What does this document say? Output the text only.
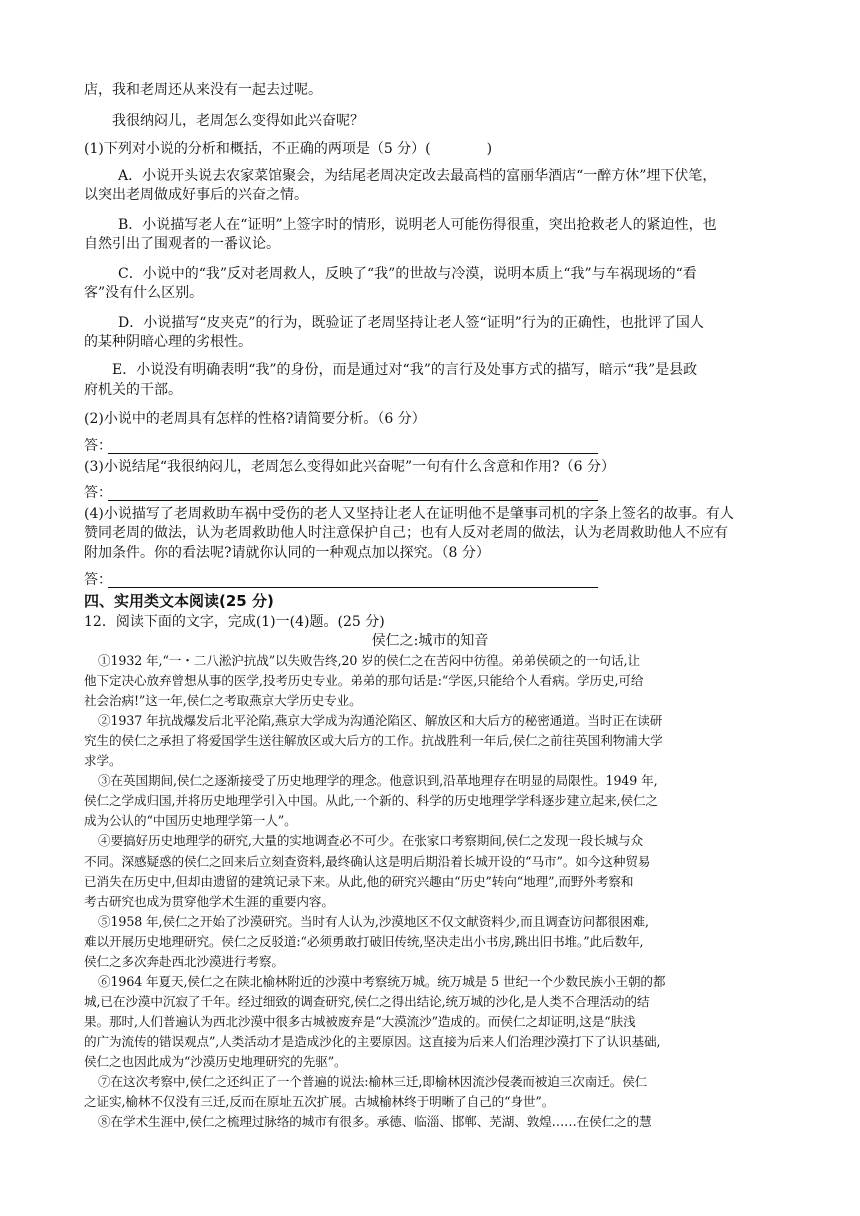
店，我和老周还从来没有一起去过呢。
我很纳闷儿，老周怎么变得如此兴奋呢？
(1)下列对小说的分析和概括，不正确的两项是（5 分）(　　　　)
A．小说开头说去农家菜馆聚会，为结尾老周决定改去最高档的富丽华酒店“一醉方休”埋下伏笔，
以突出老周做成好事后的兴奋之情。
B．小说描写老人在“证明”上签字时的情形，说明老人可能伤得很重，突出抢救老人的紧迫性，也
自然引出了围观者的一番议论。
C．小说中的“我”反对老周救人，反映了“我”的世故与冷漠，说明本质上“我”与车祸现场的“看
客”没有什么区别。
D．小说描写“皮夹克”的行为，既验证了老周坚持让老人签“证明”行为的正确性，也批评了国人
的某种阴暗心理的劣根性。
E．小说没有明确表明“我”的身份，而是通过对“我”的言行及处事方式的描写，暗示“我”是县政
府机关的干部。
(2)小说中的老周具有怎样的性格?请简要分析。（6 分）
答：
(3)小说结尾“我很纳闷儿，老周怎么变得如此兴奋呢”一句有什么含意和作用?（6 分）
答：
(4)小说描写了老周救助车祸中受伤的老人又坚持让老人在证明他不是肇事司机的字条上签名的故事。有人
赞同老周的做法，认为老周救助他人时注意保护自己；也有人反对老周的做法，认为老周救助他人不应有
附加条件。你的看法呢?请就你认同的一种观点加以探究。（8 分）
答：
四、实用类文本阅读(25 分)
12．阅读下面的文字，完成(1)一(4)题。(25 分)
侯仁之:城市的知音
①1932 年,“一・二八淞沪抗战”以失败告终,20 岁的侯仁之在苦闷中彷徨。弟弟侯硕之的一句话,让
他下定决心放弃曾想从事的医学,投考历史专业。弟弟的那句话是:“学医,只能给个人看病。学历史,可给
社会治病!”这一年,侯仁之考取燕京大学历史专业。
②1937 年抗战爆发后北平沦陷,燕京大学成为沟通沦陷区、解放区和大后方的秘密通道。当时正在读研
究生的侯仁之承担了将爱国学生送往解放区或大后方的工作。抗战胜利一年后,侯仁之前往英国利物浦大学
求学。
③在英国期间,侯仁之逐渐接受了历史地理学的理念。他意识到,沿革地理存在明显的局限性。1949 年,
侯仁之学成归国,并将历史地理学引入中国。从此,一个新的、科学的历史地理学学科逐步建立起来,侯仁之
成为公认的“中国历史地理学第一人”。
④要搞好历史地理学的研究,大量的实地调查必不可少。在张家口考察期间,侯仁之发现一段长城与众
不同。深感疑惑的侯仁之回来后立刻查资料,最终确认这是明后期沿着长城开设的“马市”。如今这种贸易
已消失在历史中,但却由遗留的建筑记录下来。从此,他的研究兴趣由“历史”转向“地理”,而野外考察和
考古研究也成为贯穿他学术生涯的重要内容。
⑤1958 年,侯仁之开始了沙漠研究。当时有人认为,沙漠地区不仅文献资料少,而且调查访问都很困难,
难以开展历史地理研究。侯仁之反驳道:“必须勇敢打破旧传统,坚决走出小书房,跳出旧书堆。”此后数年,
侯仁之多次奔赴西北沙漠进行考察。
⑥1964 年夏天,侯仁之在陕北榆林附近的沙漠中考察统万城。统万城是 5 世纪一个少数民族小王朝的都
城,已在沙漠中沉寂了千年。经过细致的调查研究,侯仁之得出结论,统万城的沙化,是人类不合理活动的结
果。那时,人们普遍认为西北沙漠中很多古城被废弃是“大漠流沙”造成的。而侯仁之却证明,这是“肤浅
的广为流传的错误观点”,人类活动才是造成沙化的主要原因。这直接为后来人们治理沙漠打下了认识基础,
侯仁之也因此成为“沙漠历史地理研究的先驱”。
⑦在这次考察中,侯仁之还纠正了一个普遍的说法:榆林三迁,即榆林因流沙侵袭而被迫三次南迁。侯仁
之证实,榆林不仅没有三迁,反而在原址五次扩展。古城榆林终于明晰了自己的“身世”。
⑧在学术生涯中,侯仁之梳理过脉络的城市有很多。承德、临淄、邯郸、芜湖、敦煌……在侯仁之的慧
